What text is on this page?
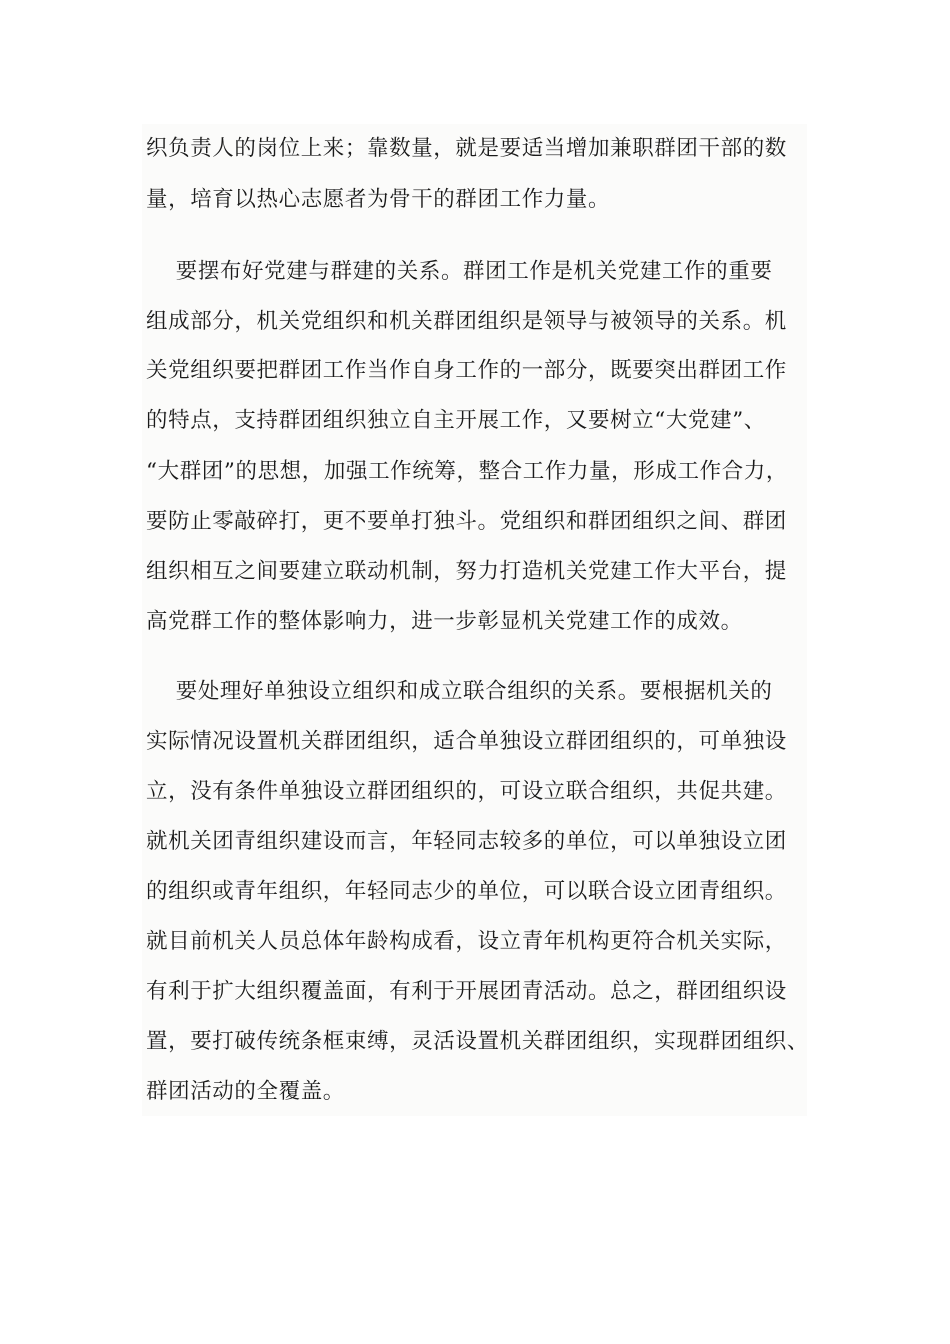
织负责人的岗位上来；靠数量，就是要适当增加兼职群团干部的数
量，培育以热心志愿者为骨干的群团工作力量。
要摆布好党建与群建的关系。群团工作是机关党建工作的重要
组成部分，机关党组织和机关群团组织是领导与被领导的关系。机
关党组织要把群团工作当作自身工作的一部分，既要突出群团工作
的特点，支持群团组织独立自主开展工作，又要树立“大党建”、
“大群团”的思想，加强工作统筹，整合工作力量，形成工作合力，
要防止零敲碎打，更不要单打独斗。党组织和群团组织之间、群团
组织相互之间要建立联动机制，努力打造机关党建工作大平台，提
高党群工作的整体影响力，进一步彰显机关党建工作的成效。
要处理好单独设立组织和成立联合组织的关系。要根据机关的
实际情况设置机关群团组织，适合单独设立群团组织的，可单独设
立，没有条件单独设立群团组织的，可设立联合组织，共促共建。
就机关团青组织建设而言，年轻同志较多的单位，可以单独设立团
的组织或青年组织，年轻同志少的单位，可以联合设立团青组织。
就目前机关人员总体年龄构成看，设立青年机构更符合机关实际，
有利于扩大组织覆盖面，有利于开展团青活动。总之，群团组织设
置，要打破传统条框束缚，灵活设置机关群团组织，实现群团组织、
群团活动的全覆盖。
